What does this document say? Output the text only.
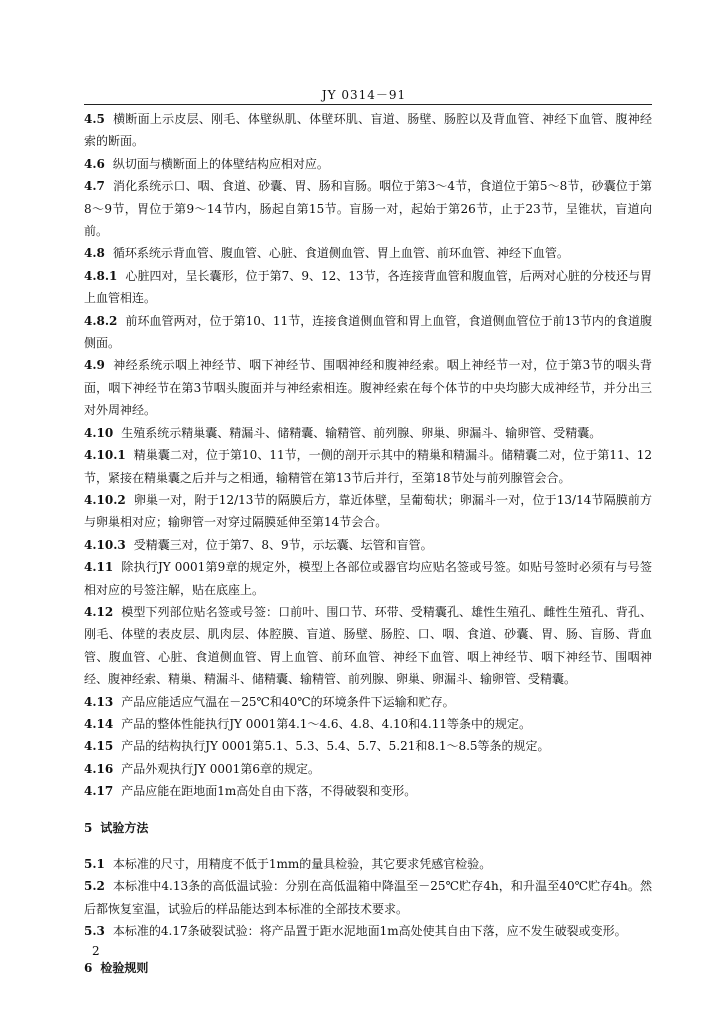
JY 0314－91

4.5 横断面上示皮层、刚毛、体壁纵肌、体壁环肌、盲道、肠壁、肠腔以及背血管、神经下血管、腹神经索的断面。

4.6 纵切面与横断面上的体壁结构应相对应。

4.7 消化系统示口、咽、食道、砂囊、胃、肠和盲肠。咽位于第3～4节，食道位于第5～8节，砂囊位于第8～9节，胃位于第9～14节内，肠起自第15节。盲肠一对，起始于第26节，止于23节，呈锥状，盲道向前。

4.8 循环系统示背血管、腹血管、心脏、食道侧血管、胃上血管、前环血管、神经下血管。

4.8.1 心脏四对，呈长囊形，位于第7、9、12、13节，各连接背血管和腹血管，后两对心脏的分枝还与胃上血管相连。

4.8.2 前环血管两对，位于第10、11节，连接食道侧血管和胃上血管，食道侧血管位于前13节内的食道腹侧面。

4.9 神经系统示咽上神经节、咽下神经节、围咽神经和腹神经索。咽上神经节一对，位于第3节的咽头背面，咽下神经节在第3节咽头腹面并与神经索相连。腹神经索在每个体节的中央均膨大成神经节，并分出三对外周神经。

4.10 生殖系统示精巢囊、精漏斗、储精囊、输精管、前列腺、卵巢、卵漏斗、输卵管、受精囊。

4.10.1 精巢囊二对，位于第10、11节，一侧的剖开示其中的精巢和精漏斗。储精囊二对，位于第11、12节，紧接在精巢囊之后并与之相通，输精管在第13节后并行，至第18节处与前列腺管会合。

4.10.2 卵巢一对，附于12/13节的隔膜后方，靠近体壁，呈葡萄状；卵漏斗一对，位于13/14节隔膜前方与卵巢相对应；输卵管一对穿过隔膜延伸至第14节会合。

4.10.3 受精囊三对，位于第7、8、9节，示坛囊、坛管和盲管。

4.11 除执行JY 0001第9章的规定外，模型上各部位或器官均应贴名签或号签。如贴号签时必须有与号签相对应的号签注解，贴在底座上。

4.12 模型下列部位贴名签或号签：口前叶、围口节、环带、受精囊孔、雄性生殖孔、雌性生殖孔、背孔、刚毛、体壁的表皮层、肌肉层、体腔膜、盲道、肠壁、肠腔、口、咽、食道、砂囊、胃、肠、盲肠、背血管、腹血管、心脏、食道侧血管、胃上血管、前环血管、神经下血管、咽上神经节、咽下神经节、围咽神经、腹神经索、精巢、精漏斗、储精囊、输精管、前列腺、卵巢、卵漏斗、输卵管、受精囊。

4.13 产品应能适应气温在－25℃和40℃的环境条件下运输和贮存。

4.14 产品的整体性能执行JY 0001第4.1～4.6、4.8、4.10和4.11等条中的规定。

4.15 产品的结构执行JY 0001第5.1、5.3、5.4、5.7、5.21和8.1～8.5等条的规定。

4.16 产品外观执行JY 0001第6章的规定。

4.17 产品应能在距地面1m高处自由下落，不得破裂和变形。

5 试验方法

5.1 本标准的尺寸，用精度不低于1mm的量具检验，其它要求凭感官检验。

5.2 本标准中4.13条的高低温试验：分别在高低温箱中降温至－25℃贮存4h，和升温至40℃贮存4h。然后都恢复室温，试验后的样品能达到本标准的全部技术要求。

5.3 本标准的4.17条破裂试验：将产品置于距水泥地面1m高处使其自由下落，应不发生破裂或变形。

6 检验规则

2
